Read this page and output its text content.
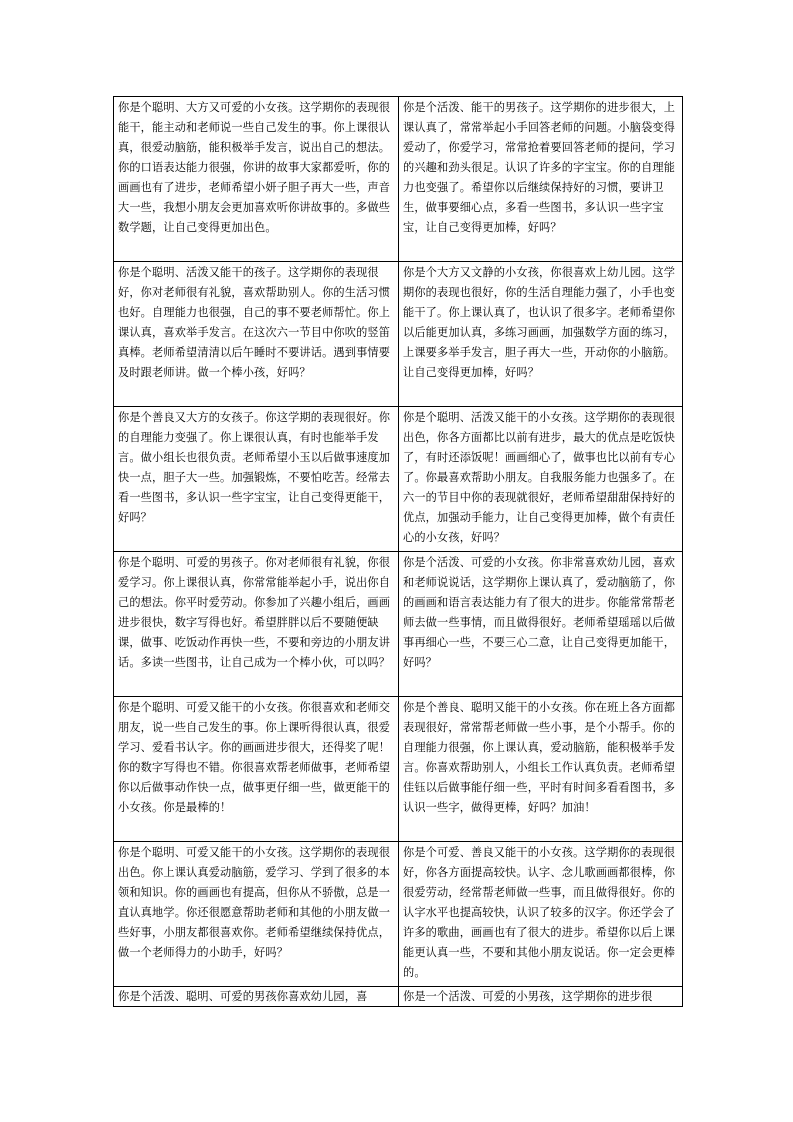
你是个聪明、大方又可爱的小女孩。这学期你的表现很能干，能主动和老师说一些自己发生的事。你上课很认真，很爱动脑筋，能积极举手发言，说出自己的想法。你的口语表达能力很强，你讲的故事大家都爱听，你的画画也有了进步，老师希望小妍子胆子再大一些，声音大一些，我想小朋友会更加喜欢听你讲故事的。多做些数学题，让自己变得更加出色。	你是个活泼、能干的男孩子。这学期你的进步很大，上课认真了，常常举起小手回答老师的问题。小脑袋变得爱动了，你爱学习，常常抢着要回答老师的提问，学习的兴趣和劲头很足。认识了许多的字宝宝。你的自理能力也变强了。希望你以后继续保持好的习惯，要讲卫生，做事要细心点，多看一些图书，多认识一些字宝宝，让自己变得更加棒，好吗？
你是个聪明、活泼又能干的孩子。这学期你的表现很好，你对老师很有礼貌，喜欢帮助别人。你的生活习惯也好。自理能力也很强，自己的事不要老师帮忙。你上课认真，喜欢举手发言。在这次六一节目中你吹的竖笛真棒。老师希望清清以后午睡时不要讲话。遇到事情要及时跟老师讲。做一个棒小孩，好吗？	你是个大方又文静的小女孩，你很喜欢上幼儿园。这学期你的表现也很好，你的生活自理能力强了，小手也变能干了。你上课认真了，也认识了很多字。老师希望你以后能更加认真，多练习画画，加强数学方面的练习，上课要多举手发言，胆子再大一些，开动你的小脑筋。让自己变得更加棒，好吗？
你是个善良又大方的女孩子。你这学期的表现很好。你的自理能力变强了。你上课很认真，有时也能举手发言。做小组长也很负责。老师希望小玉以后做事速度加快一点，胆子大一些。加强锻炼，不要怕吃苦。经常去看一些图书，多认识一些字宝宝，让自己变得更能干，好吗？	你是个聪明、活泼又能干的小女孩。这学期你的表现很出色，你各方面都比以前有进步，最大的优点是吃饭快了，有时还添饭呢！画画细心了，做事也比以前有专心了。你最喜欢帮助小朋友。自我服务能力也强多了。在六一的节目中你的表现就很好，老师希望甜甜保持好的优点，加强动手能力，让自己变得更加棒，做个有责任心的小女孩，好吗？
你是个聪明、可爱的男孩子。你对老师很有礼貌，你很爱学习。你上课很认真，你常常能举起小手，说出你自己的想法。你平时爱劳动。你参加了兴趣小组后，画画进步很快，数字写得也好。希望胖胖以后不要随便缺课，做事、吃饭动作再快一些，不要和旁边的小朋友讲话。多读一些图书，让自己成为一个棒小伙，可以吗？	你是个活泼、可爱的小女孩。你非常喜欢幼儿园，喜欢和老师说说话，这学期你上课认真了，爱动脑筋了，你的画画和语言表达能力有了很大的进步。你能常常帮老师去做一些事情，而且做得很好。老师希望瑶瑶以后做事再细心一些，不要三心二意，让自己变得更加能干，好吗？
你是个聪明、可爱又能干的小女孩。你很喜欢和老师交朋友，说一些自己发生的事。你上课听得很认真，很爱学习、爱看书认字。你的画画进步很大，还得奖了呢！你的数字写得也不错。你很喜欢帮老师做事，老师希望你以后做事动作快一点，做事更仔细一些，做更能干的小女孩。你是最棒的！	你是个善良、聪明又能干的小女孩。你在班上各方面都表现很好，常常帮老师做一些小事，是个小帮手。你的自理能力很强，你上课认真，爱动脑筋，能积极举手发言。你喜欢帮助别人，小组长工作认真负责。老师希望佳钰以后做事能仔细一些，平时有时间多看看图书，多认识一些字，做得更棒，好吗？加油！
你是个聪明、可爱又能干的小女孩。这学期你的表现很出色。你上课认真爱动脑筋，爱学习、学到了很多的本领和知识。你的画画也有提高，但你从不骄傲，总是一直认真地学。你还很愿意帮助老师和其他的小朋友做一些好事，小朋友都很喜欢你。老师希望继续保持优点，做一个老师得力的小助手，好吗？	你是个可爱、善良又能干的小女孩。这学期你的表现很好，你各方面提高较快。认字、念儿歌画画都很棒，你很爱劳动，经常帮老师做一些事，而且做得很好。你的认字水平也提高较快，认识了较多的汉字。你还学会了许多的歌曲，画画也有了很大的进步。希望你以后上课能更认真一些，不要和其他小朋友说话。你一定会更棒的。
你是个活泼、聪明、可爱的男孩你喜欢幼儿园，喜	你是一个活泼、可爱的小男孩，这学期你的进步很
